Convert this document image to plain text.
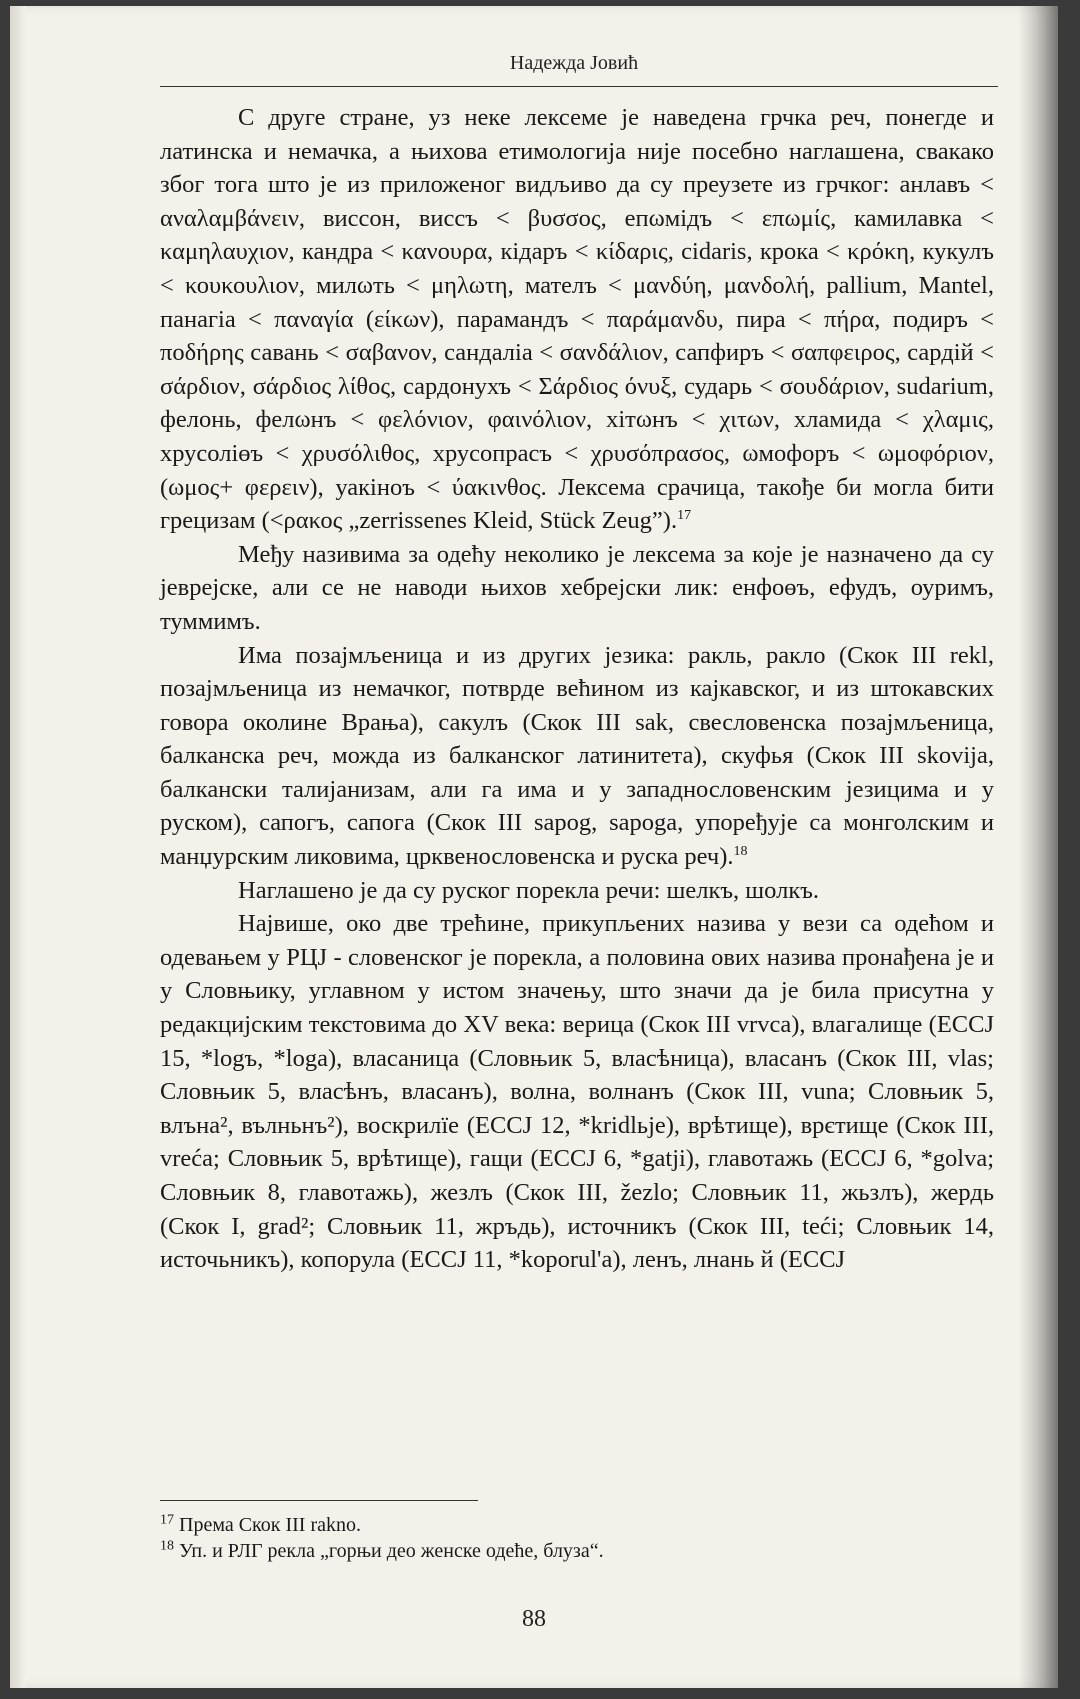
Надежда Јовић

С друге стране, уз неке лексеме је наведена грчка реч, понегде и латинска и немачка, а њихова етимологија није посебно наглашена, свакако због тога што је из приложеног видљиво да су преузете из грчког: анлавъ < αναλαμβάνειν, виссон, виссъ < βυσσος, епωмідъ < επωμίς, камилавка < καμηλαυχιον, кандра < κανουρα, кідаръ < κίδαρις, cidaris, крока < κρόκη, кукулъ < κουκουλιον, милωть < μηλωτη, мателъ < μανδύη, μανδολή, pallium, Mantel, панагіа < παναγία (είκων), парамандъ < παράμανδυ, пира < πήρα, подиръ < ποδήρης савань < σαβανον, сандаліа < σανδάλιον, сапфиръ < σαπφειρος, сардій < σάρδιον, σάρδιος λίθος, сардонухъ < Σάρδιος όνυξ, сударь < σουδάριον, sudarium, фелонь, фелωнъ < φελόνιον, φαινόλιον, хітωнъ < χιτων, хламида < χλαμις, хрусоліөъ < χρυσόλιθος, хрусопрасъ < χρυσόπρασος, ωмофоръ < ωμοφόριον, (ωμος+ φερειν), уакіноъ < ύακινθος. Лексема срачица, такође би могла бити грецизам (<ρακος „zerrissenes Kleid, Stück Zeug”).$^{17}$

Међу називима за одећу неколико је лексема за које је назначено да су јеврејске, али се не наводи њихов хебрејски лик: енфоөъ, ефудъ, оуримъ, туммимъ.

Има позајмљеница и из других језика: ракль, ракло (Скок III rekl, позајмљеница из немачког, потврде већином из кајкавског, и из штокавских говора околине Врања), сакулъ (Скок III sak, свесловенска позајмљеница, балканска реч, можда из балканског латинитета), скуфья (Скок III skovija, балкански талијанизам, али га има и у западнословенским језицима и у руском), сапогъ, сапога (Скок III sapog, sapoga, упоређује са монголским и манџурским ликовима, црквенословенска и руска реч).$^{18}$

Наглашено је да су руског порекла речи: шелкъ, шолкъ.

Највише, око две трећине, прикупљених назива у вези са одећом и одевањем у РЦЈ - словенског је порекла, а половина ових назива пронађена је и у Словњику, углавном у истом значењу, што значи да је била присутна у редакцијским текстовима до XV века: верица (Скок III vrvca), влагалище (ЕССЈ 15, *logъ, *loga), власаница (Словњик 5, власѣница), власанъ (Скок III, vlas; Словњик 5, власѣнъ, власанъ), волна, волнанъ (Скок III, vuna; Словњик 5, влъна², вълньнъ²), воскрилїе (ЕССЈ 12, *kridlьje), врѣтище), врєтище (Скок III, vreća; Словњик 5, врѣтище), гащи (ЕССЈ 6, *gatji), главотажь (ЕССЈ 6, *golva; Словњик 8, главотажь), жезлъ (Скок III, žezlo; Словњик 11, жьзлъ), жердь (Скок I, grad²; Словњик 11, жръдь), источникъ (Скок III, teći; Словњик 14, источьникъ), копорула (ЕССЈ 11, *koporul'a), ленъ, лнань й (ЕССЈ

$^{17}$ Према Скок III rakno.

$^{18}$ Уп. и РЛГ рекла „горњи део женске одеће, блуза“.

88
